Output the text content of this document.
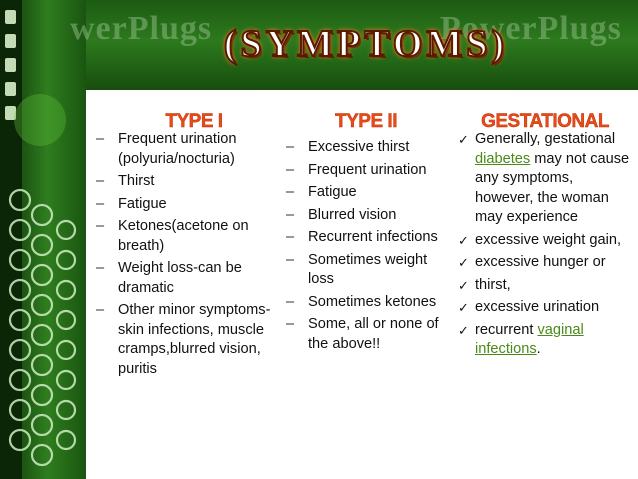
werPlugs	PowerPlugs
(SYMPTOMS)
TYPE I
– Frequent urination (polyuria/nocturia)
– Thirst
– Fatigue
– Ketones(acetone on breath)
– Weight loss-can be dramatic
– Other minor symptoms-skin infections, muscle cramps,blurred vision, puritis
TYPE II
– Excessive thirst
– Frequent urination
– Fatigue
– Blurred vision
– Recurrent infections
– Sometimes weight loss
– Sometimes ketones
– Some, all or none of the above!!
GESTATIONAL
✓ Generally, gestational diabetes may not cause any symptoms, however, the woman may experience
✓ excessive weight gain,
✓ excessive hunger or
✓ thirst,
✓ excessive urination
✓ recurrent vaginal infections.
